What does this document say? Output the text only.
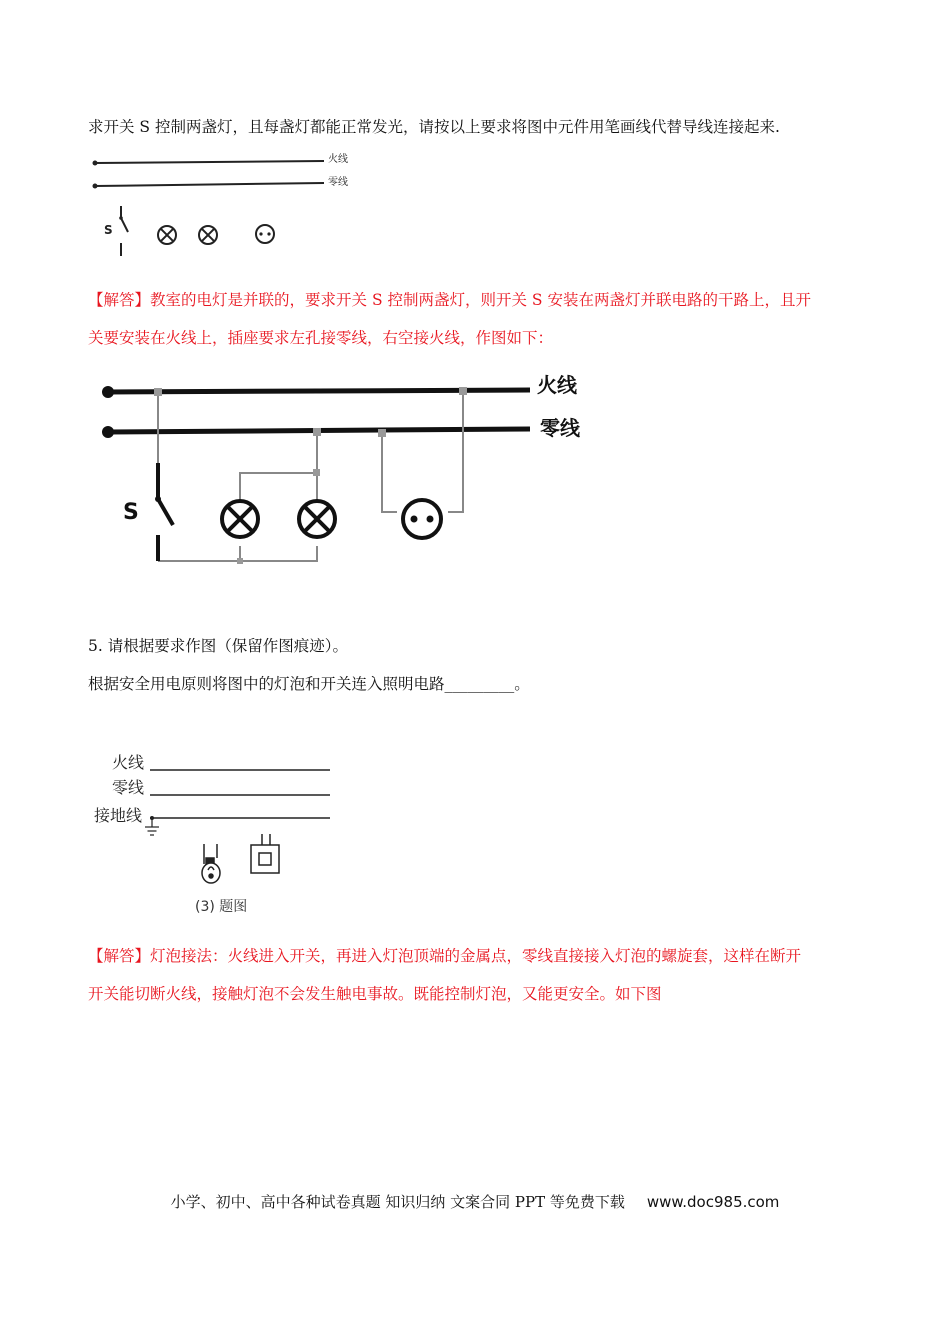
求开关 S 控制两盏灯，且每盏灯都能正常发光，请按以上要求将图中元件用笔画线代替导线连接起来.
火线
零线
S
【解答】教室的电灯是并联的，要求开关 S 控制两盏灯，则开关 S 安装在两盏灯并联电路的干路上，且开
关要安装在火线上，插座要求左孔接零线，右空接火线，作图如下：
火线
零线
S
5. 请根据要求作图（保留作图痕迹）。
根据安全用电原则将图中的灯泡和开关连入照明电路_________。
火线
零线
接地线
(3) 题图
【解答】灯泡接法：火线进入开关，再进入灯泡顶端的金属点，零线直接接入灯泡的螺旋套，这样在断开
开关能切断火线，接触灯泡不会发生触电事故。既能控制灯泡，又能更安全。如下图
小学、初中、高中各种试卷真题 知识归纳 文案合同 PPT 等免费下载 www.doc985.com
